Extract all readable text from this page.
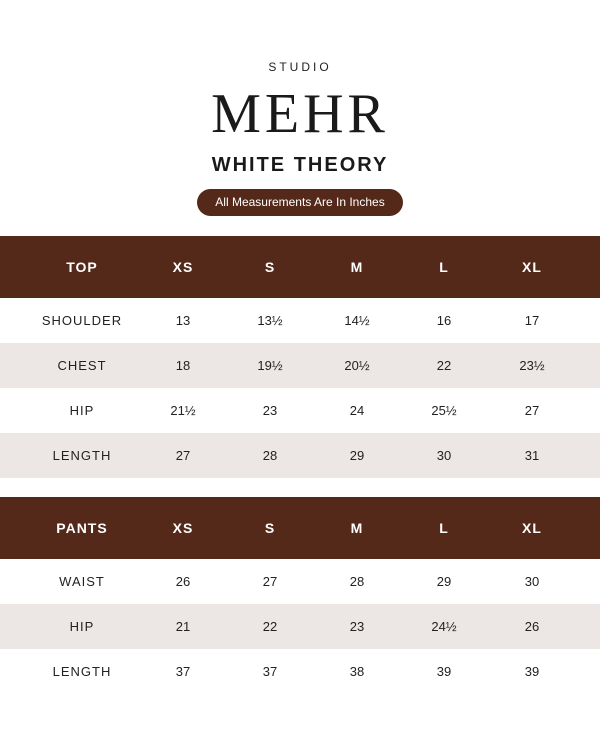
STUDIO
MEHR
WHITE THEORY
All Measurements Are In Inches
TOP	XS	S	M	L	XL
SHOULDER	13	13½	14½	16	17
CHEST	18	19½	20½	22	23½
HIP	21½	23	24	25½	27
LENGTH	27	28	29	30	31
PANTS	XS	S	M	L	XL
WAIST	26	27	28	29	30
HIP	21	22	23	24½	26
LENGTH	37	37	38	39	39
